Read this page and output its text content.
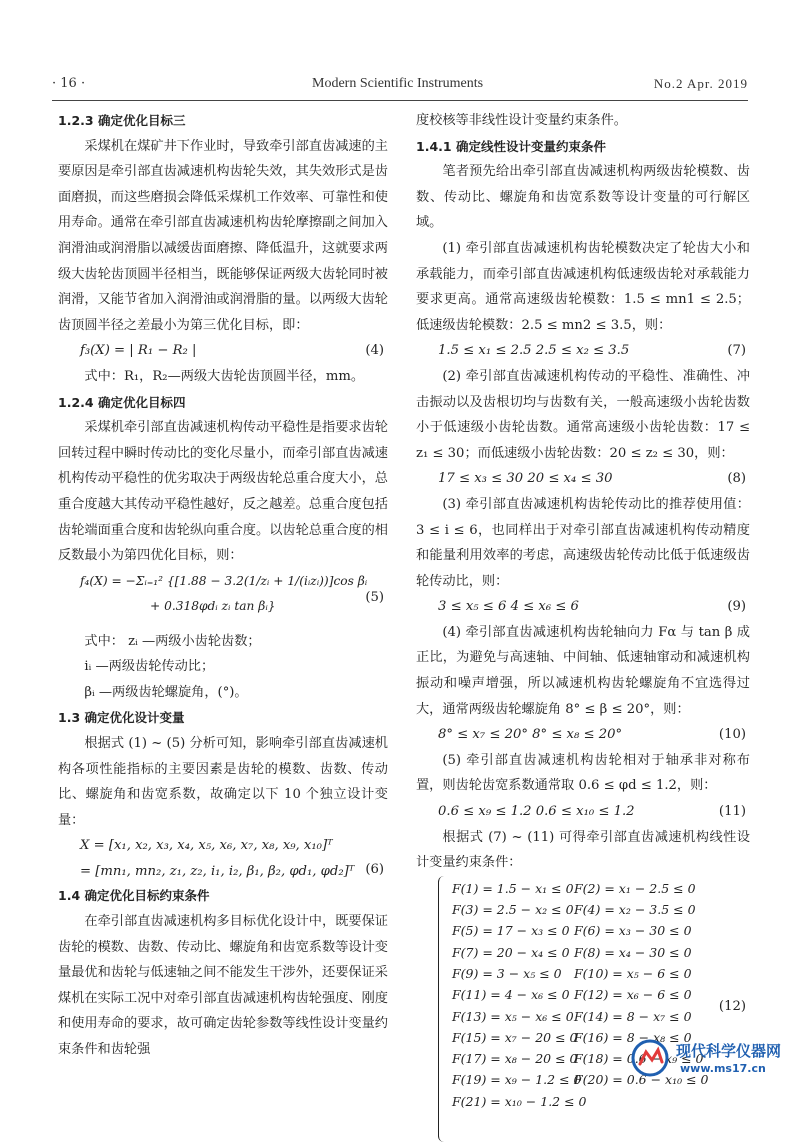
· 16 ·	Modern Scientific Instruments	No.2 Apr. 2019

1.2.3 确定优化目标三

采煤机在煤矿井下作业时，导致牵引部直齿减速的主要原因是牵引部直齿减速机构齿轮失效，其失效形式是齿面磨损，而这些磨损会降低采煤机工作效率、可靠性和使用寿命。通常在牵引部直齿减速机构齿轮摩擦副之间加入润滑油或润滑脂以减缓齿面磨擦、降低温升，这就要求两级大齿轮齿顶圆半径相当，既能够保证两级大齿轮同时被润滑，又能节省加入润滑油或润滑脂的量。以两级大齿轮齿顶圆半径之差最小为第三优化目标，即：

f₃(X) = | R₁ − R₂ |	(4)

式中：R₁，R₂—两级大齿轮齿顶圆半径，mm。

1.2.4 确定优化目标四

采煤机牵引部直齿减速机构传动平稳性是指要求齿轮回转过程中瞬时传动比的变化尽量小，而牵引部直齿减速机构传动平稳性的优劣取决于两级齿轮总重合度大小，总重合度越大其传动平稳性越好，反之越差。总重合度包括齿轮端面重合度和齿轮纵向重合度。以齿轮总重合度的相反数最小为第四优化目标，则：

f₄(X) = −Σᵢ₌₁² {[1.88 − 3.2(1/zᵢ + 1/(iᵢzᵢ))]cos βᵢ
+ 0.318φdᵢ zᵢ tan βᵢ}
(5)

式中： zᵢ —两级小齿轮齿数；

iᵢ —两级齿轮传动比；

βᵢ —两级齿轮螺旋角，(°)。

1.3 确定优化设计变量

根据式 (1) ~ (5) 分析可知，影响牵引部直齿减速机构各项性能指标的主要因素是齿轮的模数、齿数、传动比、螺旋角和齿宽系数，故确定以下 10 个独立设计变量：

X = [x₁, x₂, x₃, x₄, x₅, x₆, x₇, x₈, x₉, x₁₀]ᵀ
= [mn₁, mn₂, z₁, z₂, i₁, i₂, β₁, β₂, φd₁, φd₂]ᵀ (6)

1.4 确定优化目标约束条件

在牵引部直齿减速机构多目标优化设计中，既要保证齿轮的模数、齿数、传动比、螺旋角和齿宽系数等设计变量最优和齿轮与低速轴之间不能发生干涉外，还要保证采煤机在实际工况中对牵引部直齿减速机构齿轮强度、刚度和使用寿命的要求，故可确定齿轮参数等线性设计变量约束条件和齿轮强

度校核等非线性设计变量约束条件。

1.4.1 确定线性设计变量约束条件

笔者预先给出牵引部直齿减速机构两级齿轮模数、齿数、传动比、螺旋角和齿宽系数等设计变量的可行解区域。

(1) 牵引部直齿减速机构齿轮模数决定了轮齿大小和承载能力，而牵引部直齿减速机构低速级齿轮对承载能力要求更高。通常高速级齿轮模数：1.5 ≤ mn1 ≤ 2.5；低速级齿轮模数：2.5 ≤ mn2 ≤ 3.5，则：

1.5 ≤ x₁ ≤ 2.5 2.5 ≤ x₂ ≤ 3.5	(7)

(2) 牵引部直齿减速机构传动的平稳性、准确性、冲击振动以及齿根切均与齿数有关，一般高速级小齿轮齿数小于低速级小齿轮齿数。通常高速级小齿轮齿数：17 ≤ z₁ ≤ 30；而低速级小齿轮齿数：20 ≤ z₂ ≤ 30，则：

17 ≤ x₃ ≤ 30 20 ≤ x₄ ≤ 30	(8)

(3) 牵引部直齿减速机构齿轮传动比的推荐使用值：3 ≤ i ≤ 6，也同样出于对牵引部直齿减速机构传动精度和能量利用效率的考虑，高速级齿轮传动比低于低速级齿轮传动比，则：

3 ≤ x₅ ≤ 6 4 ≤ x₆ ≤ 6	(9)

(4) 牵引部直齿减速机构齿轮轴向力 Fα 与 tan β 成正比，为避免与高速轴、中间轴、低速轴窜动和减速机构振动和噪声增强，所以减速机构齿轮螺旋角不宜选得过大，通常两级齿轮螺旋角 8° ≤ β ≤ 20°，则：

8° ≤ x₇ ≤ 20° 8° ≤ x₈ ≤ 20°	(10)

(5) 牵引部直齿减速机构齿轮相对于轴承非对称布置，则齿轮齿宽系数通常取 0.6 ≤ φd ≤ 1.2，则：

0.6 ≤ x₉ ≤ 1.2 0.6 ≤ x₁₀ ≤ 1.2	(11)

根据式 (7) ~ (11) 可得牵引部直齿减速机构线性设计变量约束条件：

F(1) = 1.5 − x₁ ≤ 0F(2) = x₁ − 2.5 ≤ 0
F(3) = 2.5 − x₂ ≤ 0F(4) = x₂ − 3.5 ≤ 0
F(5) = 17 − x₃ ≤ 0 F(6) = x₃ − 30 ≤ 0
F(7) = 20 − x₄ ≤ 0 F(8) = x₄ − 30 ≤ 0
F(9) = 3 − x₅ ≤ 0 F(10) = x₅ − 6 ≤ 0
F(11) = 4 − x₆ ≤ 0 F(12) = x₆ − 6 ≤ 0
F(13) = x₅ − x₆ ≤ 0F(14) = 8 − x₇ ≤ 0
F(15) = x₇ − 20 ≤ 0F(16) = 8 − x₈ ≤ 0
F(17) = x₈ − 20 ≤ 0F(18) = 0.6 − x₉ ≤ 0
F(19) = x₉ − 1.2 ≤ 0F(20) = 0.6 − x₁₀ ≤ 0
F(21) = x₁₀ − 1.2 ≤ 0
(12)
现代科学仪器网
www.ms17.cn
